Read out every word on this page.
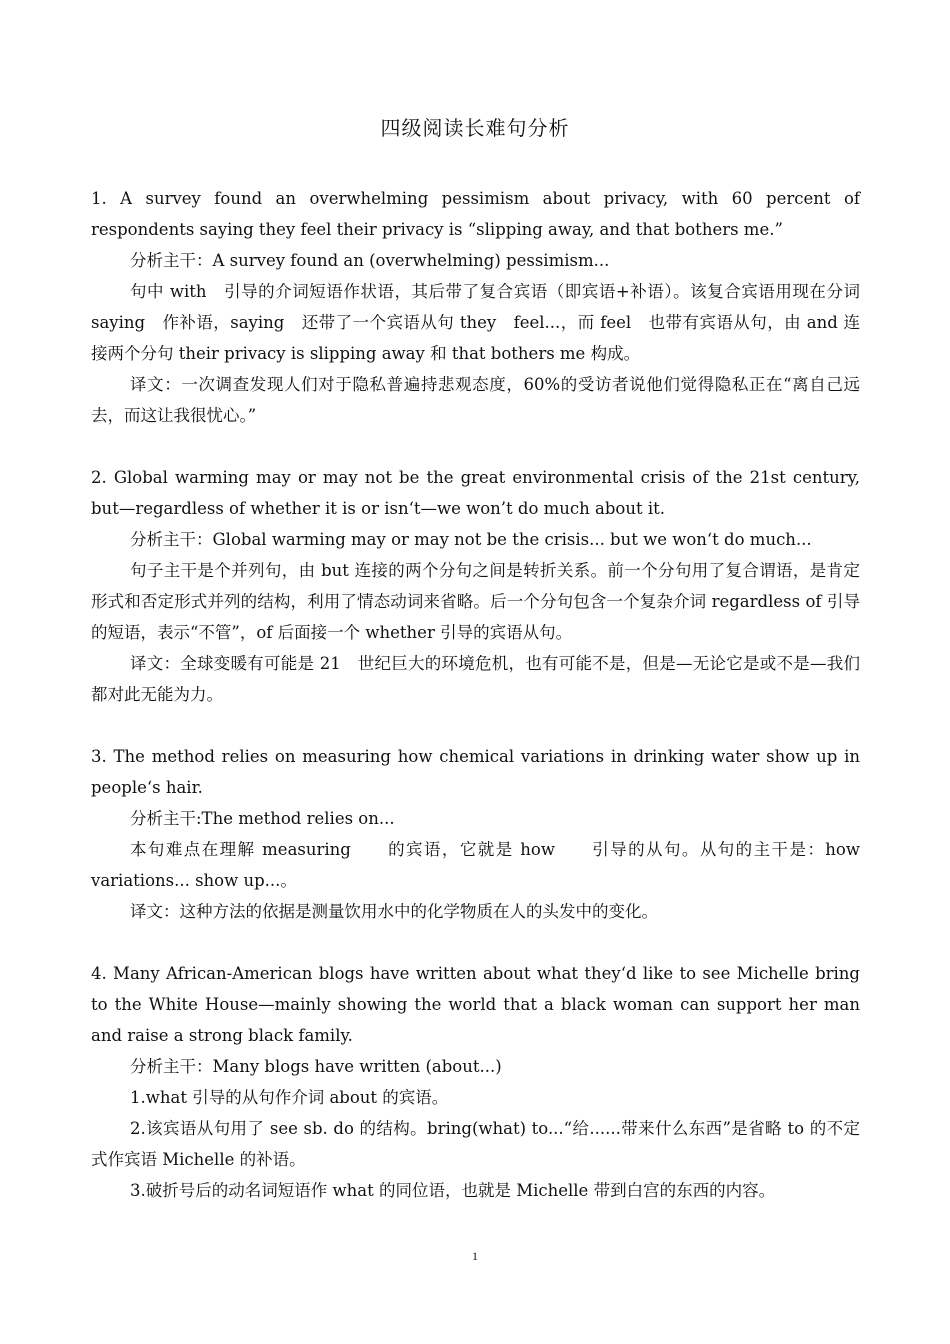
四级阅读长难句分析

1. A survey found an overwhelming pessimism about privacy, with 60 percent of respondents saying they feel their privacy is “slipping away, and that bothers me.”

分析主干：A survey found an (overwhelming) pessimism...

句中 with　引导的介词短语作状语，其后带了复合宾语（即宾语+补语）。该复合宾语用现在分词 saying　作补语，saying　还带了一个宾语从句 they　feel...，而 feel　也带有宾语从句，由 and 连接两个分句 their privacy is slipping away 和 that bothers me 构成。

译文：一次调查发现人们对于隐私普遍持悲观态度，60%的受访者说他们觉得隐私正在“离自己远去，而这让我很忧心。”

2. Global warming may or may not be the great environmental crisis of the 21st century, but—regardless of whether it is or isn‘t—we won’t do much about it.

分析主干：Global warming may or may not be the crisis... but we won‘t do much...

句子主干是个并列句，由 but 连接的两个分句之间是转折关系。前一个分句用了复合谓语，是肯定形式和否定形式并列的结构，利用了情态动词来省略。后一个分句包含一个复杂介词 regardless of 引导的短语，表示“不管”，of 后面接一个 whether 引导的宾语从句。

译文：全球变暖有可能是 21　世纪巨大的环境危机，也有可能不是，但是—无论它是或不是—我们都对此无能为力。

3. The method relies on measuring how chemical variations in drinking water show up in people‘s hair.

分析主干:The method relies on...

本句难点在理解 measuring　　的宾语，它就是 how　　引导的从句。从句的主干是：how variations... show up...。

译文：这种方法的依据是测量饮用水中的化学物质在人的头发中的变化。

4. Many African-American blogs have written about what they‘d like to see Michelle bring to the White House—mainly showing the world that a black woman can support her man and raise a strong black family.

分析主干：Many blogs have written (about...)

1.what 引导的从句作介词 about 的宾语。

2.该宾语从句用了 see sb. do 的结构。bring(what) to...“给......带来什么东西”是省略 to 的不定式作宾语 Michelle 的补语。

3.破折号后的动名词短语作 what 的同位语，也就是 Michelle 带到白宫的东西的内容。

1
